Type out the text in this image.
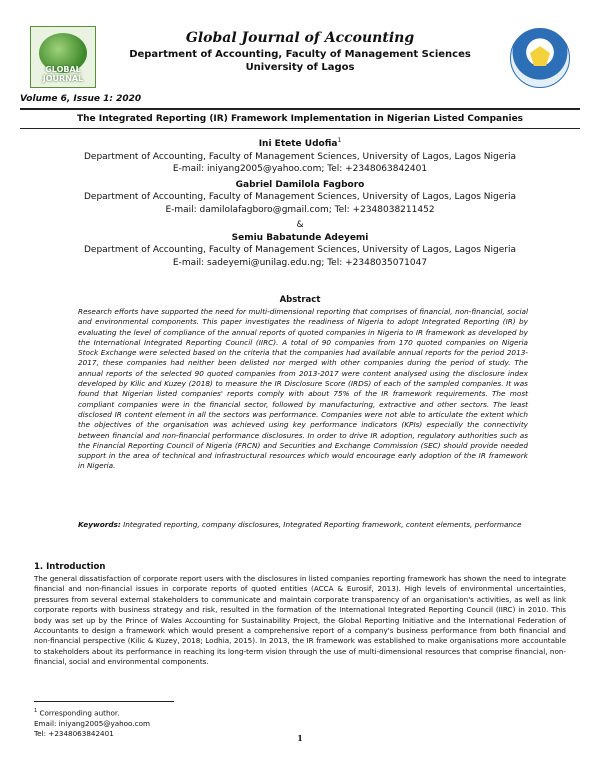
GLOBAL JOURNAL
Global Journal of Accounting
Department of Accounting, Faculty of Management Sciences
University of Lagos
Volume 6, Issue 1: 2020
The Integrated Reporting (IR) Framework Implementation in Nigerian Listed Companies
Ini Etete Udofia$^1$
Department of Accounting, Faculty of Management Sciences, University of Lagos, Lagos Nigeria
E-mail: iniyang2005@yahoo.com; Tel: +2348063842401
Gabriel Damilola Fagboro
Department of Accounting, Faculty of Management Sciences, University of Lagos, Lagos Nigeria
E-mail: damilolafagboro@gmail.com; Tel: +2348038211452
&
Semiu Babatunde Adeyemi
Department of Accounting, Faculty of Management Sciences, University of Lagos, Lagos Nigeria
E-mail: sadeyemi@unilag.edu.ng; Tel: +2348035071047
Abstract
Research efforts have supported the need for multi-dimensional reporting that comprises of financial, non-financial, social and environmental components. This paper investigates the readiness of Nigeria to adopt Integrated Reporting (IR) by evaluating the level of compliance of the annual reports of quoted companies in Nigeria to IR framework as developed by the International Integrated Reporting Council (IIRC). A total of 90 companies from 170 quoted companies on Nigeria Stock Exchange were selected based on the criteria that the companies had available annual reports for the period 2013-2017, these companies had neither been delisted nor merged with other companies during the period of study. The annual reports of the selected 90 quoted companies from 2013-2017 were content analysed using the disclosure index developed by Kilic and Kuzey (2018) to measure the IR Disclosure Score (IRDS) of each of the sampled companies. It was found that Nigerian listed companies' reports comply with about 75% of the IR framework requirements. The most compliant companies were in the financial sector, followed by manufacturing, extractive and other sectors. The least disclosed IR content element in all the sectors was performance. Companies were not able to articulate the extent which the objectives of the organisation was achieved using key performance indicators (KPIs) especially the connectivity between financial and non-financial performance disclosures. In order to drive IR adoption, regulatory authorities such as the Financial Reporting Council of Nigeria (FRCN) and Securities and Exchange Commission (SEC) should provide needed support in the area of technical and infrastructural resources which would encourage early adoption of the IR framework in Nigeria.
Keywords: Integrated reporting, company disclosures, Integrated Reporting framework, content elements, performance
1. Introduction
The general dissatisfaction of corporate report users with the disclosures in listed companies reporting framework has shown the need to integrate financial and non-financial issues in corporate reports of quoted entities (ACCA & Eurosif, 2013). High levels of environmental uncertainties, pressures from several external stakeholders to communicate and maintain corporate transparency of an organisation's activities, as well as link corporate reports with business strategy and risk, resulted in the formation of the International Integrated Reporting Council (IIRC) in 2010. This body was set up by the Prince of Wales Accounting for Sustainability Project, the Global Reporting Initiative and the International Federation of Accountants to design a framework which would present a comprehensive report of a company's business performance from both financial and non-financial perspective (Kilic & Kuzey, 2018; Lodhia, 2015). In 2013, the IR framework was established to make organisations more accountable to stakeholders about its performance in reaching its long-term vision through the use of multi-dimensional resources that comprise financial, non-financial, social and environmental components.
$^1$ Corresponding author.
Email: iniyang2005@yahoo.com
Tel: +2348063842401	1
